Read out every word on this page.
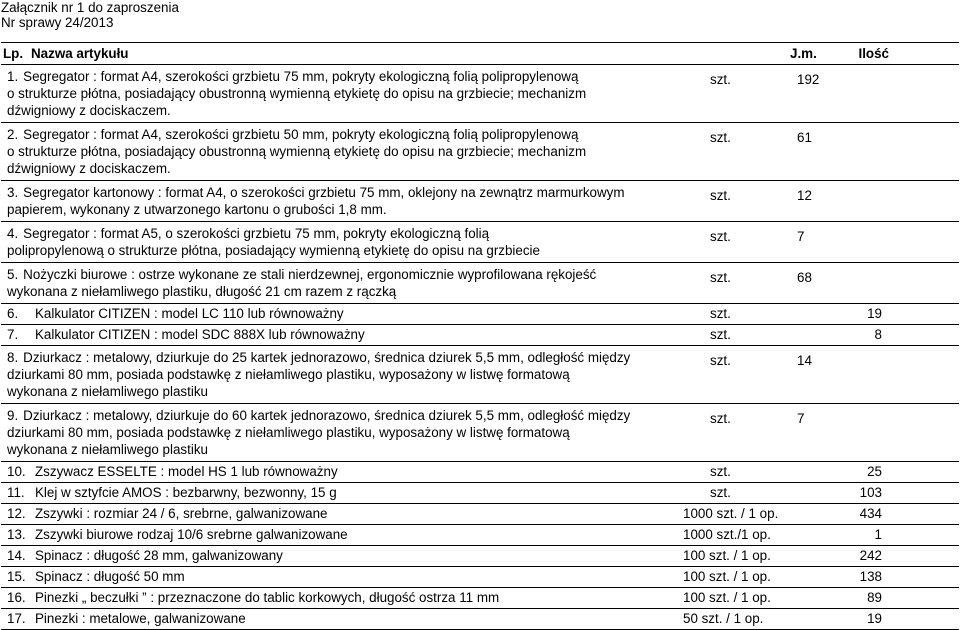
Załącznik nr 1 do zaproszenia
Nr sprawy 24/2013
Lp.	Nazwa artykułu	J.m.	Ilość

1. Segregator : format A4, szerokości grzbietu 75 mm, pokryty ekologiczną folią polipropylenową
o strukturze płótna, posiadający obustronną wymienną etykietę do opisu na grzbiecie; mechanizm
dźwigniowy z dociskaczem.		szt.	192

2. Segregator : format A4, szerokości grzbietu 50 mm, pokryty ekologiczną folią polipropylenową
o strukturze płótna, posiadający obustronną wymienną etykietę do opisu na grzbiecie; mechanizm
dźwigniowy z dociskaczem.		szt.	61

3. Segregator kartonowy : format A4, o szerokości grzbietu 75 mm, oklejony na zewnątrz marmurkowym
papierem, wykonany z utwarzonego kartonu o grubości 1,8 mm.		szt.	12

4. Segregator : format A5, o szerokości grzbietu 75 mm, pokryty ekologiczną folią
polipropylenową o strukturze płótna, posiadający wymienną etykietę do opisu na grzbiecie		szt.	7

5. Nożyczki biurowe : ostrze wykonane ze stali nierdzewnej, ergonomicznie wyprofilowana rękojeść
wykonana z niełamliwego plastiku, długość 21 cm razem z rączką		szt.	68
6.	Kalkulator CITIZEN : model LC 110 lub równoważny	szt.	19
7.	Kalkulator CITIZEN : model SDC 888X lub równoważny	szt.	8

8. Dziurkacz : metalowy, dziurkuje do 25 kartek jednorazowo, średnica dziurek 5,5 mm, odległość między
dziurkami 80 mm, posiada podstawkę z niełamliwego plastiku, wyposażony w listwę formatową
wykonana z niełamliwego plastiku		szt.	14

9. Dziurkacz : metalowy, dziurkuje do 60 kartek jednorazowo, średnica dziurek 5,5 mm, odległość między
dziurkami 80 mm, posiada podstawkę z niełamliwego plastiku, wyposażony w listwę formatową
wykonana z niełamliwego plastiku		szt.	7
10.	Zszywacz ESSELTE : model HS 1 lub równoważny	szt.	25
11.	Klej w sztyfcie AMOS : bezbarwny, bezwonny, 15 g	szt.	103
12.	Zszywki : rozmiar 24 / 6, srebrne, galwanizowane	1000 szt. / 1 op.	434
13.	Zszywki biurowe rodzaj 10/6 srebrne galwanizowane	1000 szt./1 op.	1
14.	Spinacz : długość 28 mm, galwanizowany	100 szt. / 1 op.	242
15.	Spinacz : długość 50 mm	100 szt. / 1 op.	138
16.	Pinezki „ beczułki ” : przeznaczone do tablic korkowych, długość ostrza 11 mm	100 szt. / 1 op.	89
17.	Pinezki : metalowe, galwanizowane	50 szt. / 1 op.	19
